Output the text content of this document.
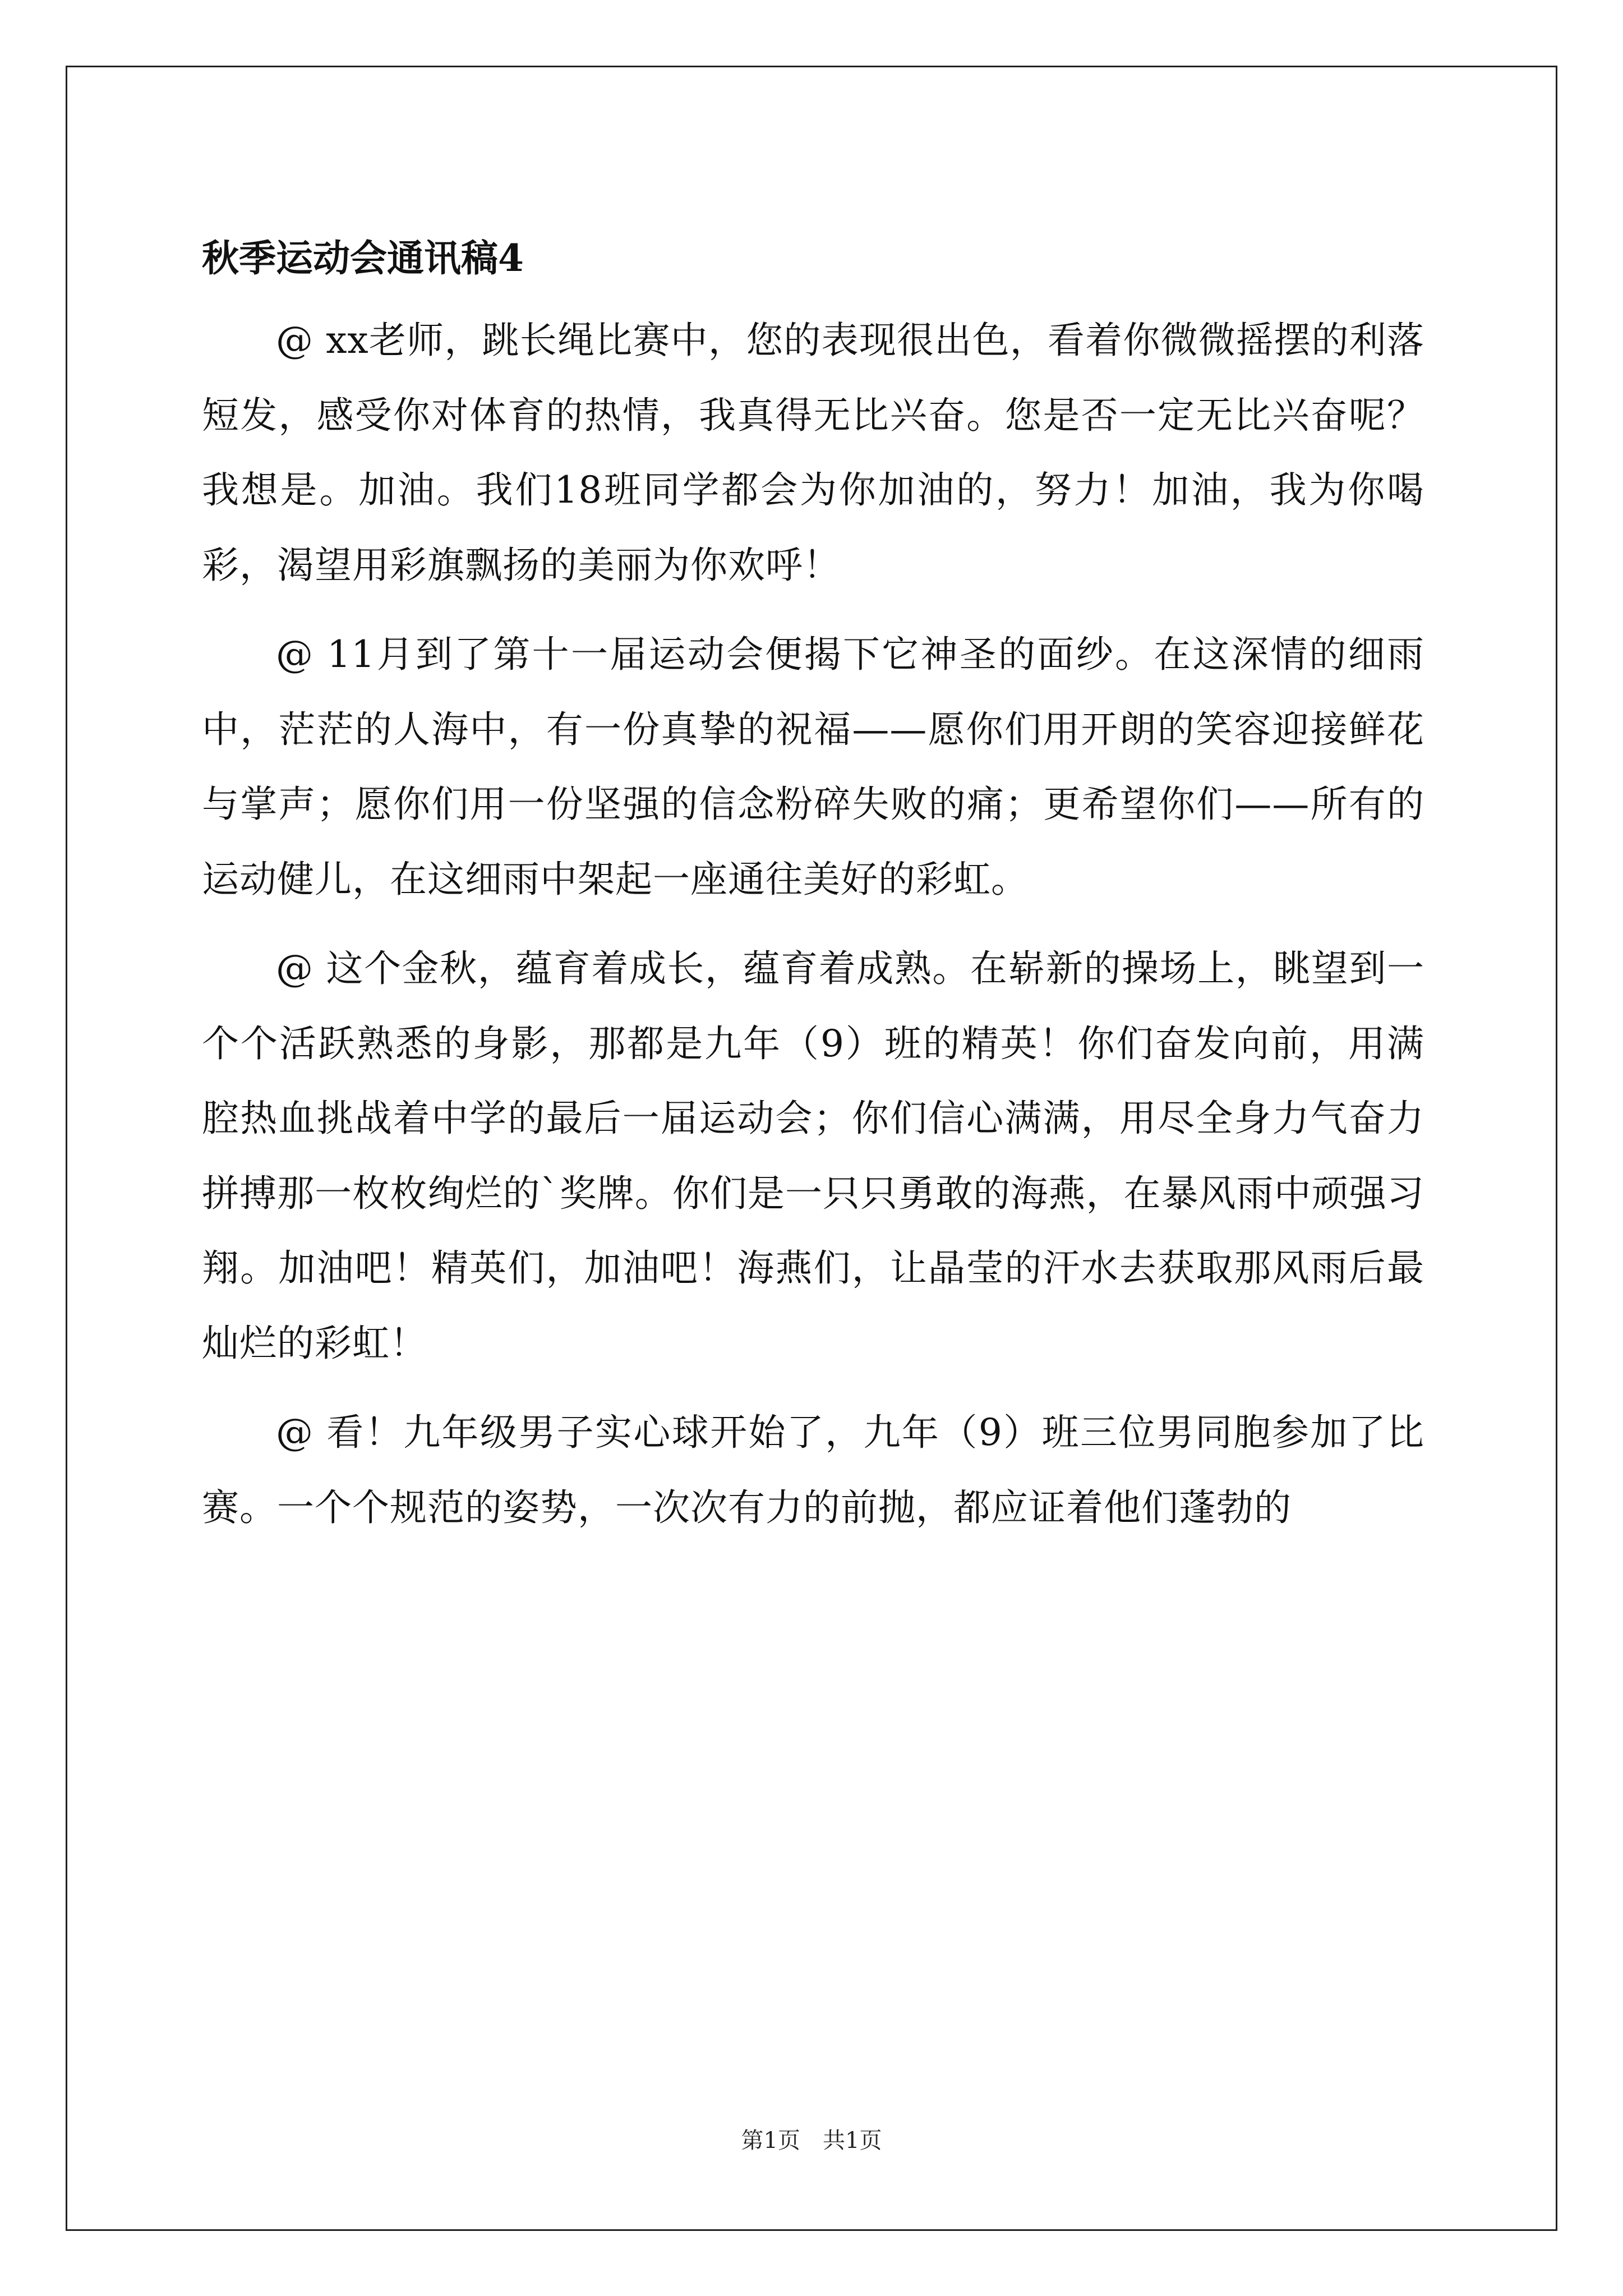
秋季运动会通讯稿4

@ xx老师，跳长绳比赛中，您的表现很出色，看着你微微摇摆的利落短发，感受你对体育的热情，我真得无比兴奋。您是否一定无比兴奋呢？我想是。加油。我们18班同学都会为你加油的，努力！加油，我为你喝彩，渴望用彩旗飘扬的美丽为你欢呼！

@ 11月到了第十一届运动会便揭下它神圣的面纱。在这深情的细雨中，茫茫的人海中，有一份真挚的祝福——愿你们用开朗的笑容迎接鲜花与掌声；愿你们用一份坚强的信念粉碎失败的痛；更希望你们——所有的运动健儿，在这细雨中架起一座通往美好的彩虹。

@ 这个金秋，蕴育着成长，蕴育着成熟。在崭新的操场上，眺望到一个个活跃熟悉的身影，那都是九年（9）班的精英！你们奋发向前，用满腔热血挑战着中学的最后一届运动会；你们信心满满，用尽全身力气奋力拼搏那一枚枚绚烂的`奖牌。你们是一只只勇敢的海燕，在暴风雨中顽强习翔。加油吧！精英们，加油吧！海燕们，让晶莹的汗水去获取那风雨后最灿烂的彩虹！

@ 看！九年级男子实心球开始了，九年（9）班三位男同胞参加了比赛。一个个规范的姿势，一次次有力的前抛，都应证着他们蓬勃的

第1页　共1页
